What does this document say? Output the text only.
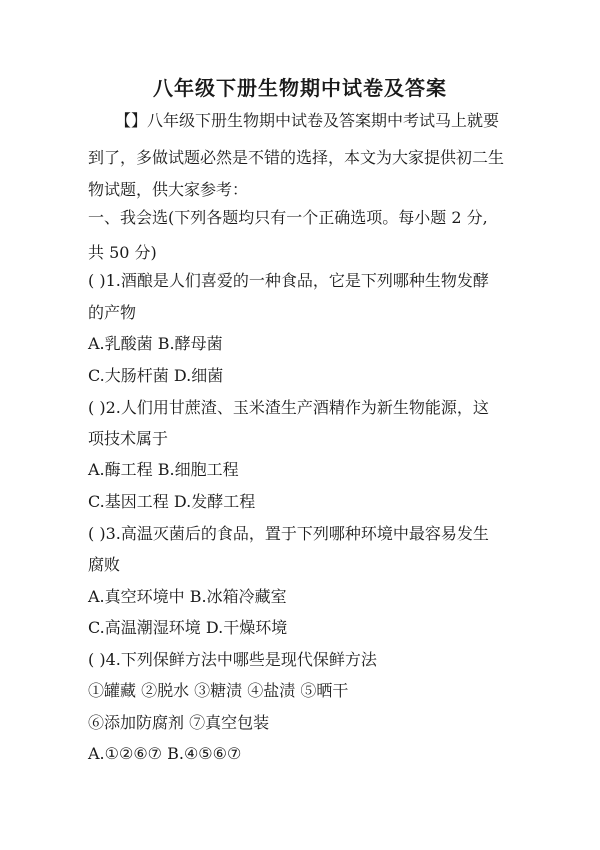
八年级下册生物期中试卷及答案
【】八年级下册生物期中试卷及答案期中考试马上就要
到了，多做试题必然是不错的选择，本文为大家提供初二生
物试题，供大家参考：
一、我会选(下列各题均只有一个正确选项。每小题 2 分,
共 50 分)
( )1.酒酿是人们喜爱的一种食品，它是下列哪种生物发酵
的产物
A.乳酸菌 B.酵母菌
C.大肠杆菌 D.细菌
( )2.人们用甘蔗渣、玉米渣生产酒精作为新生物能源，这
项技术属于
A.酶工程 B.细胞工程
C.基因工程 D.发酵工程
( )3.高温灭菌后的食品，置于下列哪种环境中最容易发生
腐败
A.真空环境中 B.冰箱冷藏室
C.高温潮湿环境 D.干燥环境
( )4.下列保鲜方法中哪些是现代保鲜方法
①罐藏 ②脱水 ③糖渍 ④盐渍 ⑤晒干
⑥添加防腐剂 ⑦真空包装
A.①②⑥⑦ B.④⑤⑥⑦
